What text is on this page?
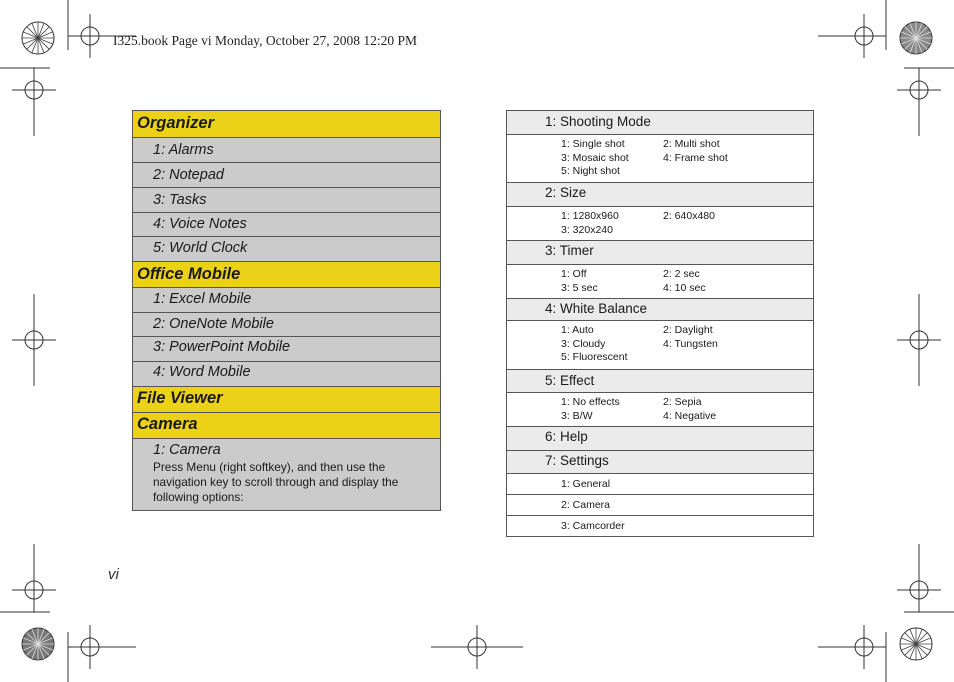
I325.book Page vi Monday, October 27, 2008 12:20 PM
Organizer
1: Alarms
2: Notepad
3: Tasks
4: Voice Notes
5: World Clock
Office Mobile
1: Excel Mobile
2: OneNote Mobile
3: PowerPoint Mobile
4: Word Mobile
File Viewer
Camera
1: Camera
Press Menu (right softkey), and then use the navigation key to scroll through and display the following options:
1: Shooting Mode
1: Single shot	2: Multi shot
3: Mosaic shot	4: Frame shot
5: Night shot
2: Size
1: 1280x960	2: 640x480
3: 320x240
3: Timer
1: Off	2: 2 sec
3: 5 sec	4: 10 sec
4: White Balance
1: Auto	2: Daylight
3: Cloudy	4: Tungsten
5: Fluorescent
5: Effect
1: No effects	2: Sepia
3: B/W	4: Negative
6: Help
7: Settings
1: General
2: Camera
3: Camcorder
vi
